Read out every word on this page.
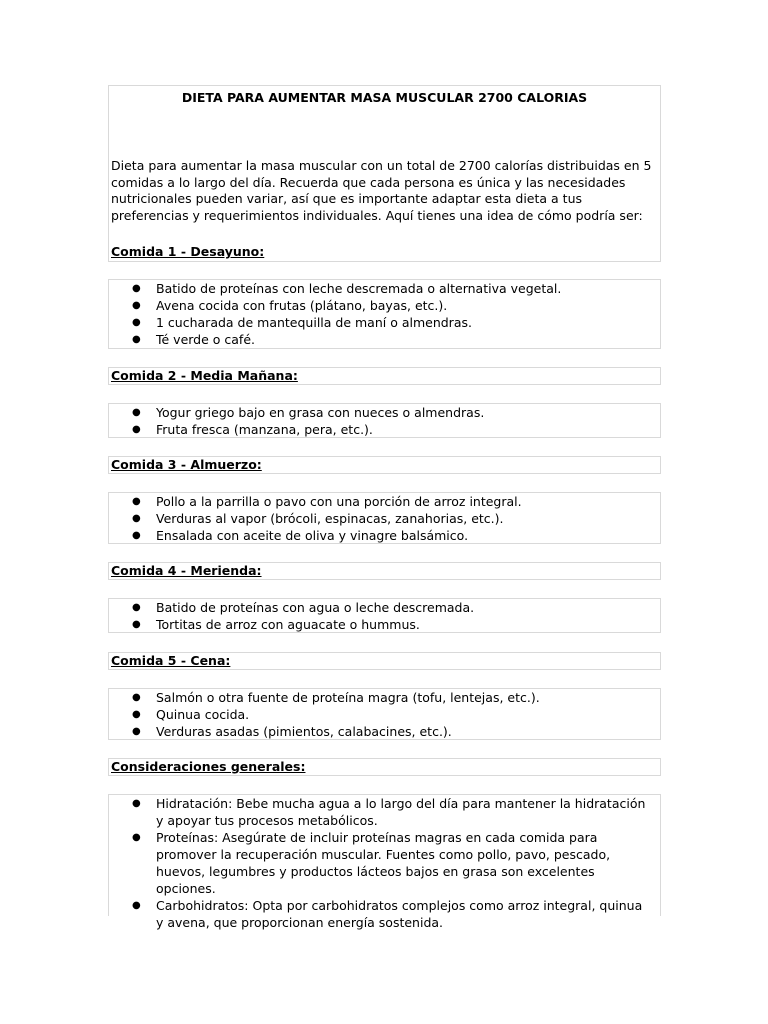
DIETA PARA AUMENTAR MASA MUSCULAR 2700 CALORIAS
Dieta para aumentar la masa muscular con un total de 2700 calorías distribuidas en 5 comidas a lo largo del día. Recuerda que cada persona es única y las necesidades nutricionales pueden variar, así que es importante adaptar esta dieta a tus preferencias y requerimientos individuales. Aquí tienes una idea de cómo podría ser:
Comida 1 - Desayuno:
● Batido de proteínas con leche descremada o alternativa vegetal.
● Avena cocida con frutas (plátano, bayas, etc.).
● 1 cucharada de mantequilla de maní o almendras.
● Té verde o café.
Comida 2 - Media Mañana:
● Yogur griego bajo en grasa con nueces o almendras.
● Fruta fresca (manzana, pera, etc.).
Comida 3 - Almuerzo:
● Pollo a la parrilla o pavo con una porción de arroz integral.
● Verduras al vapor (brócoli, espinacas, zanahorias, etc.).
● Ensalada con aceite de oliva y vinagre balsámico.
Comida 4 - Merienda:
● Batido de proteínas con agua o leche descremada.
● Tortitas de arroz con aguacate o hummus.
Comida 5 - Cena:
● Salmón o otra fuente de proteína magra (tofu, lentejas, etc.).
● Quinua cocida.
● Verduras asadas (pimientos, calabacines, etc.).
Consideraciones generales:
● Hidratación: Bebe mucha agua a lo largo del día para mantener la hidratación y apoyar tus procesos metabólicos.
● Proteínas: Asegúrate de incluir proteínas magras en cada comida para promover la recuperación muscular. Fuentes como pollo, pavo, pescado, huevos, legumbres y productos lácteos bajos en grasa son excelentes opciones.
● Carbohidratos: Opta por carbohidratos complejos como arroz integral, quinua y avena, que proporcionan energía sostenida.
